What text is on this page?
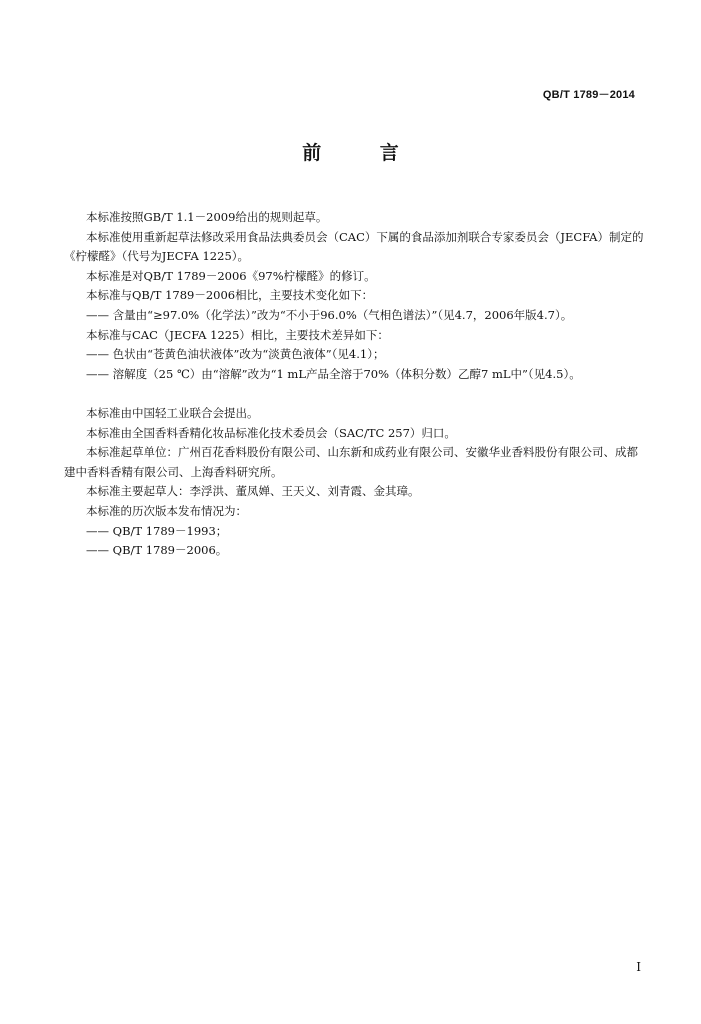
QB/T 1789－2014
前 言

本标准按照GB/T 1.1－2009给出的规则起草。

本标准使用重新起草法修改采用食品法典委员会（CAC）下属的食品添加剂联合专家委员会（JECFA）制定的《柠檬醛》（代号为JECFA 1225）。

本标准是对QB/T 1789－2006《97%柠檬醛》的修订。

本标准与QB/T 1789－2006相比，主要技术变化如下：

—— 含量由“≥97.0%（化学法）”改为“不小于96.0%（气相色谱法）”（见4.7，2006年版4.7）。

本标准与CAC（JECFA 1225）相比，主要技术差异如下：

—— 色状由“苍黄色油状液体”改为“淡黄色液体”（见4.1）；

—— 溶解度（25 ℃）由“溶解”改为“1 mL产品全溶于70%（体积分数）乙醇7 mL中”（见4.5）。

本标准由中国轻工业联合会提出。

本标准由全国香料香精化妆品标准化技术委员会（SAC/TC 257）归口。

本标准起草单位：广州百花香料股份有限公司、山东新和成药业有限公司、安徽华业香料股份有限公司、成都建中香料香精有限公司、上海香料研究所。

本标准主要起草人：李浮洪、董凤婵、王天义、刘青霞、金其璋。

本标准的历次版本发布情况为：

—— QB/T 1789－1993；

—— QB/T 1789－2006。

I
